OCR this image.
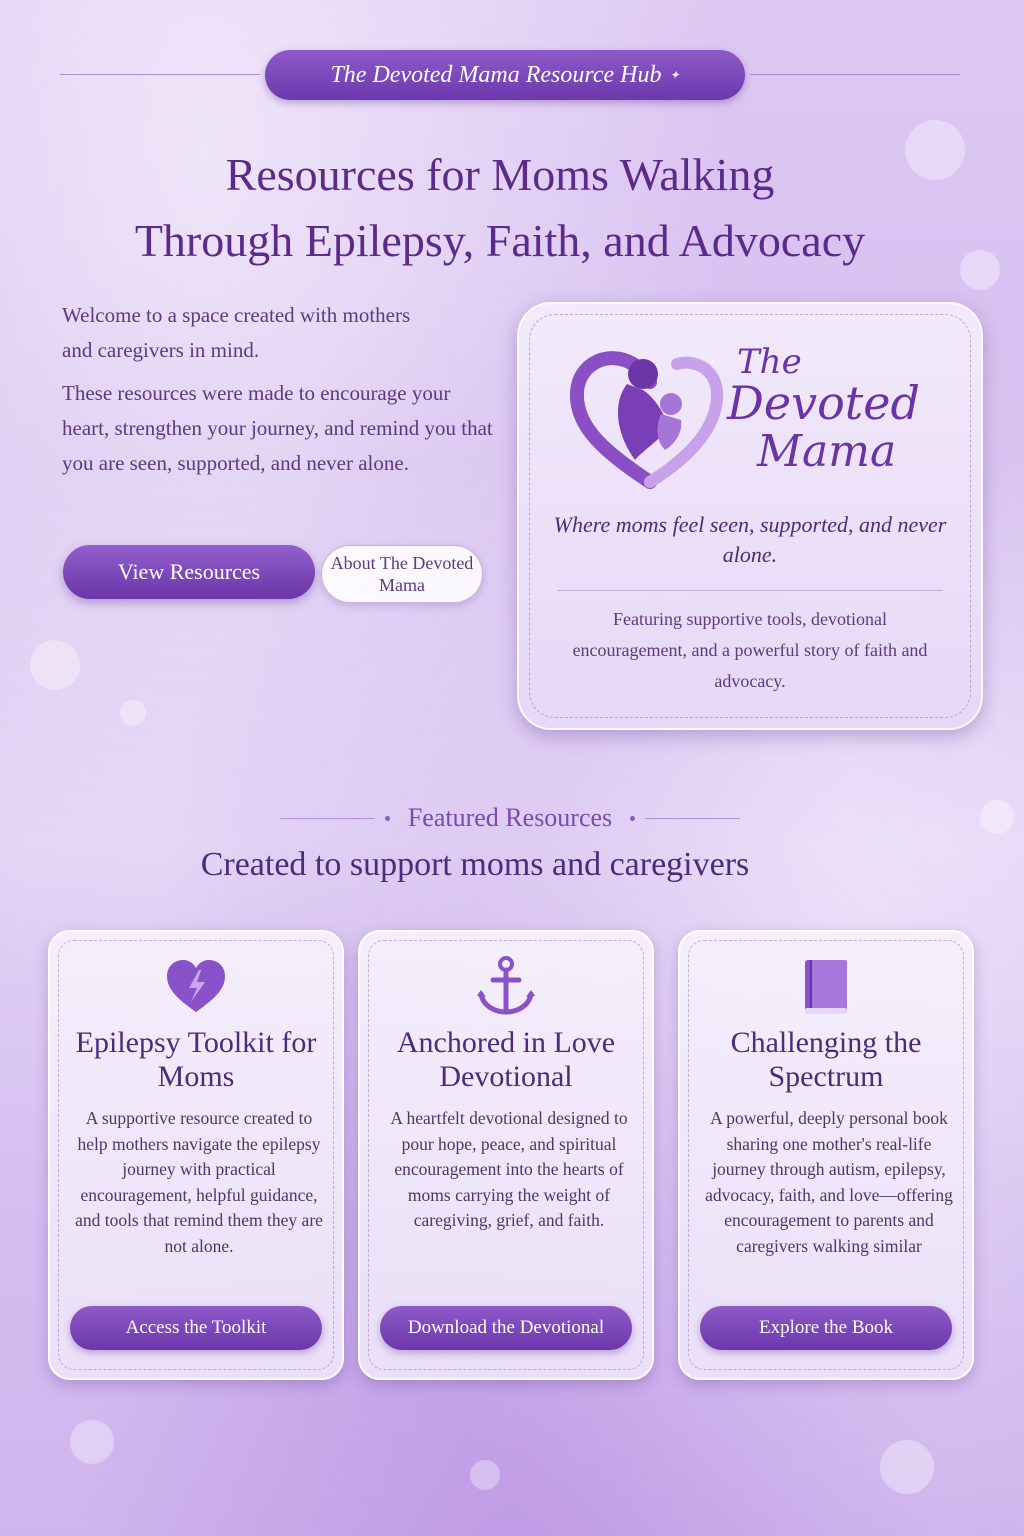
The Devoted Mama Resource Hub ✦
Resources for Moms Walking
Through Epilepsy, Faith, and Advocacy

Welcome to a space created with mothers and caregivers in mind.

These resources were made to encourage your heart, strengthen your journey, and remind you that you are seen, supported, and never alone.

View Resources	About The Devoted Mama
The
Devoted
Mama
Where moms feel seen, supported, and never alone.
Featuring supportive tools, devotional encouragement, and a powerful story of faith and advocacy.
Featured Resources
Created to support moms and caregivers
Epilepsy Toolkit for Moms

A supportive resource created to help mothers navigate the epilepsy journey with practical encouragement, helpful guidance, and tools that remind them they are not alone.

Access the Toolkit
Anchored in Love Devotional

A heartfelt devotional designed to pour hope, peace, and spiritual encouragement into the hearts of moms carrying the weight of caregiving, grief, and faith.

Download the Devotional
Challenging the Spectrum

A powerful, deeply personal book sharing one mother's real-life journey through autism, epilepsy, advocacy, faith, and love—offering encouragement to parents and caregivers walking similar

Explore the Book
